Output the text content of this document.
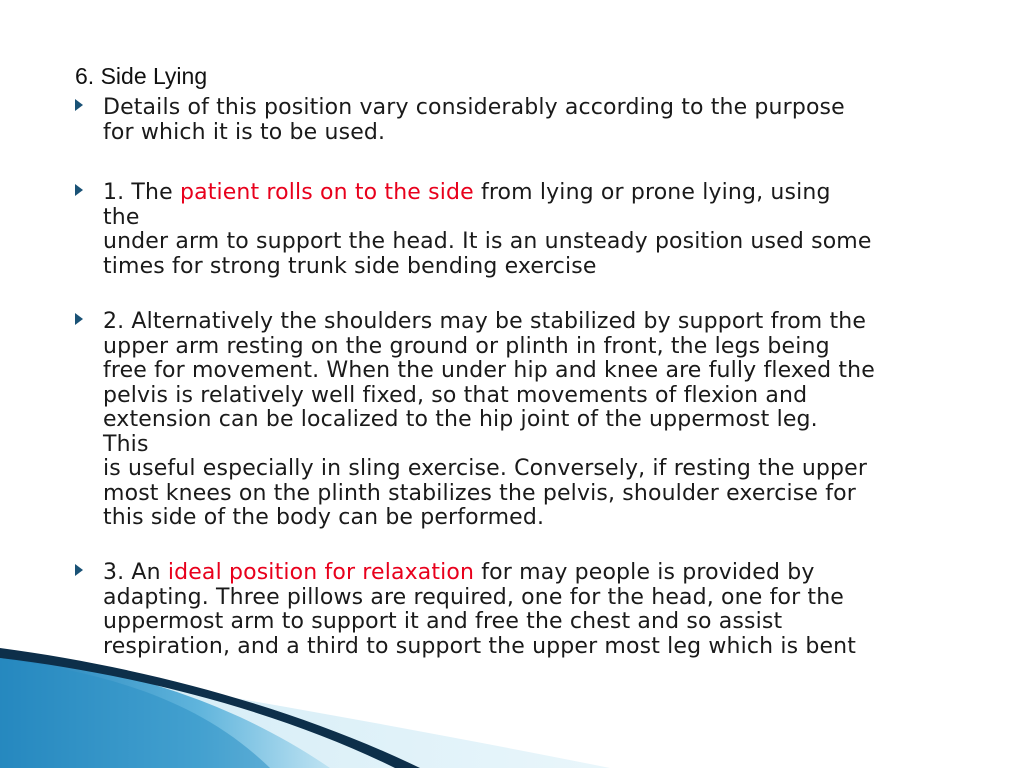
6. Side Lying
Details of this position vary considerably according to the purpose
for which it is to be used.
1. The patient rolls on to the side from lying or prone lying, using
the
under arm to support the head. It is an unsteady position used some
times for strong trunk side bending exercise
2. Alternatively the shoulders may be stabilized by support from the
upper arm resting on the ground or plinth in front, the legs being
free for movement. When the under hip and knee are fully flexed the
pelvis is relatively well fixed, so that movements of flexion and
extension can be localized to the hip joint of the uppermost leg.
This
is useful especially in sling exercise. Conversely, if resting the upper
most knees on the plinth stabilizes the pelvis, shoulder exercise for
this side of the body can be performed.
3. An ideal position for relaxation for may people is provided by
adapting. Three pillows are required, one for the head, one for the
uppermost arm to support it and free the chest and so assist
respiration, and a third to support the upper most leg which is bent
